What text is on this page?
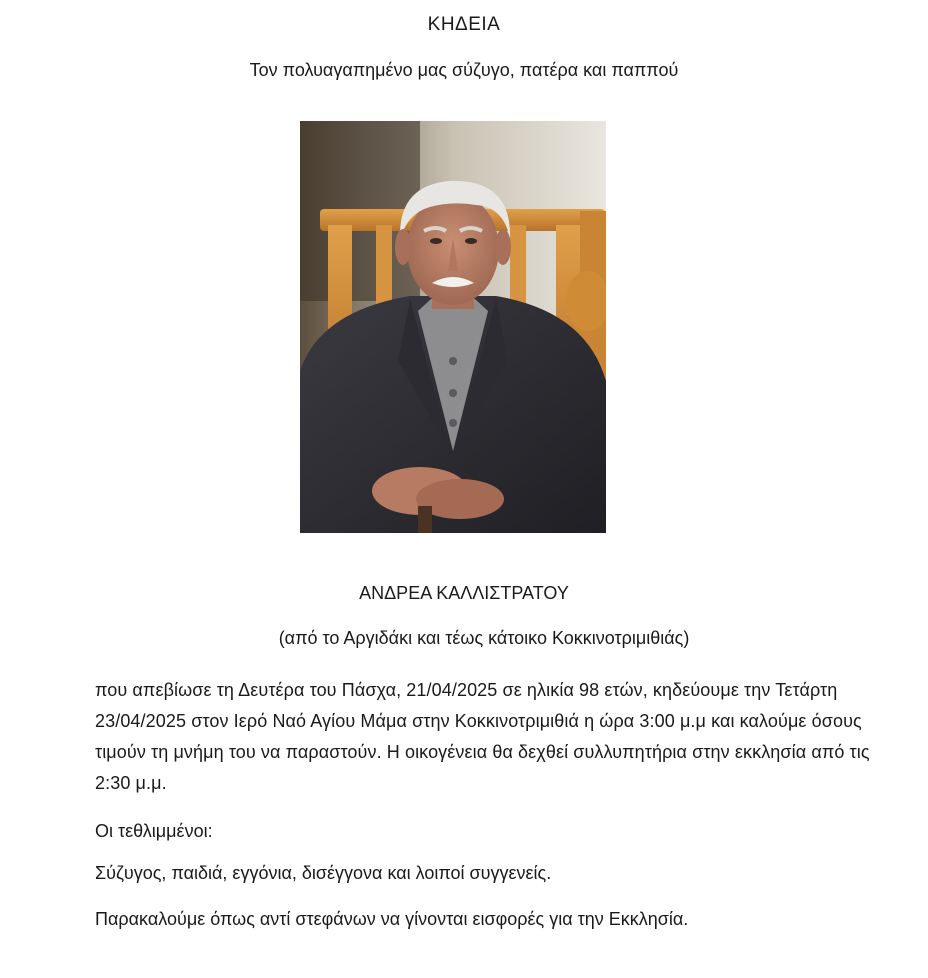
ΚΗΔΕΙΑ
Τον πολυαγαπημένο μας σύζυγο, πατέρα και παππού
ΑΝΔΡΕΑ ΚΑΛΛΙΣΤΡΑΤΟΥ
(από το Αργιδάκι και τέως κάτοικο Κοκκινοτριμιθιάς)
που απεβίωσε τη Δευτέρα του Πάσχα, 21/04/2025 σε ηλικία 98 ετών, κηδεύουμε την Τετάρτη 23/04/2025 στον Ιερό Ναό Αγίου Μάμα στην Κοκκινοτριμιθιά η ώρα 3:00 μ.μ και καλούμε όσους τιμούν τη μνήμη του να παραστούν. Η οικογένεια θα δεχθεί συλλυπητήρια στην εκκλησία από τις 2:30 μ.μ.
Οι τεθλιμμένοι:
Σύζυγος, παιδιά, εγγόνια, δισέγγονα και λοιποί συγγενείς.
Παρακαλούμε όπως αντί στεφάνων να γίνονται εισφορές για την Εκκλησία.
